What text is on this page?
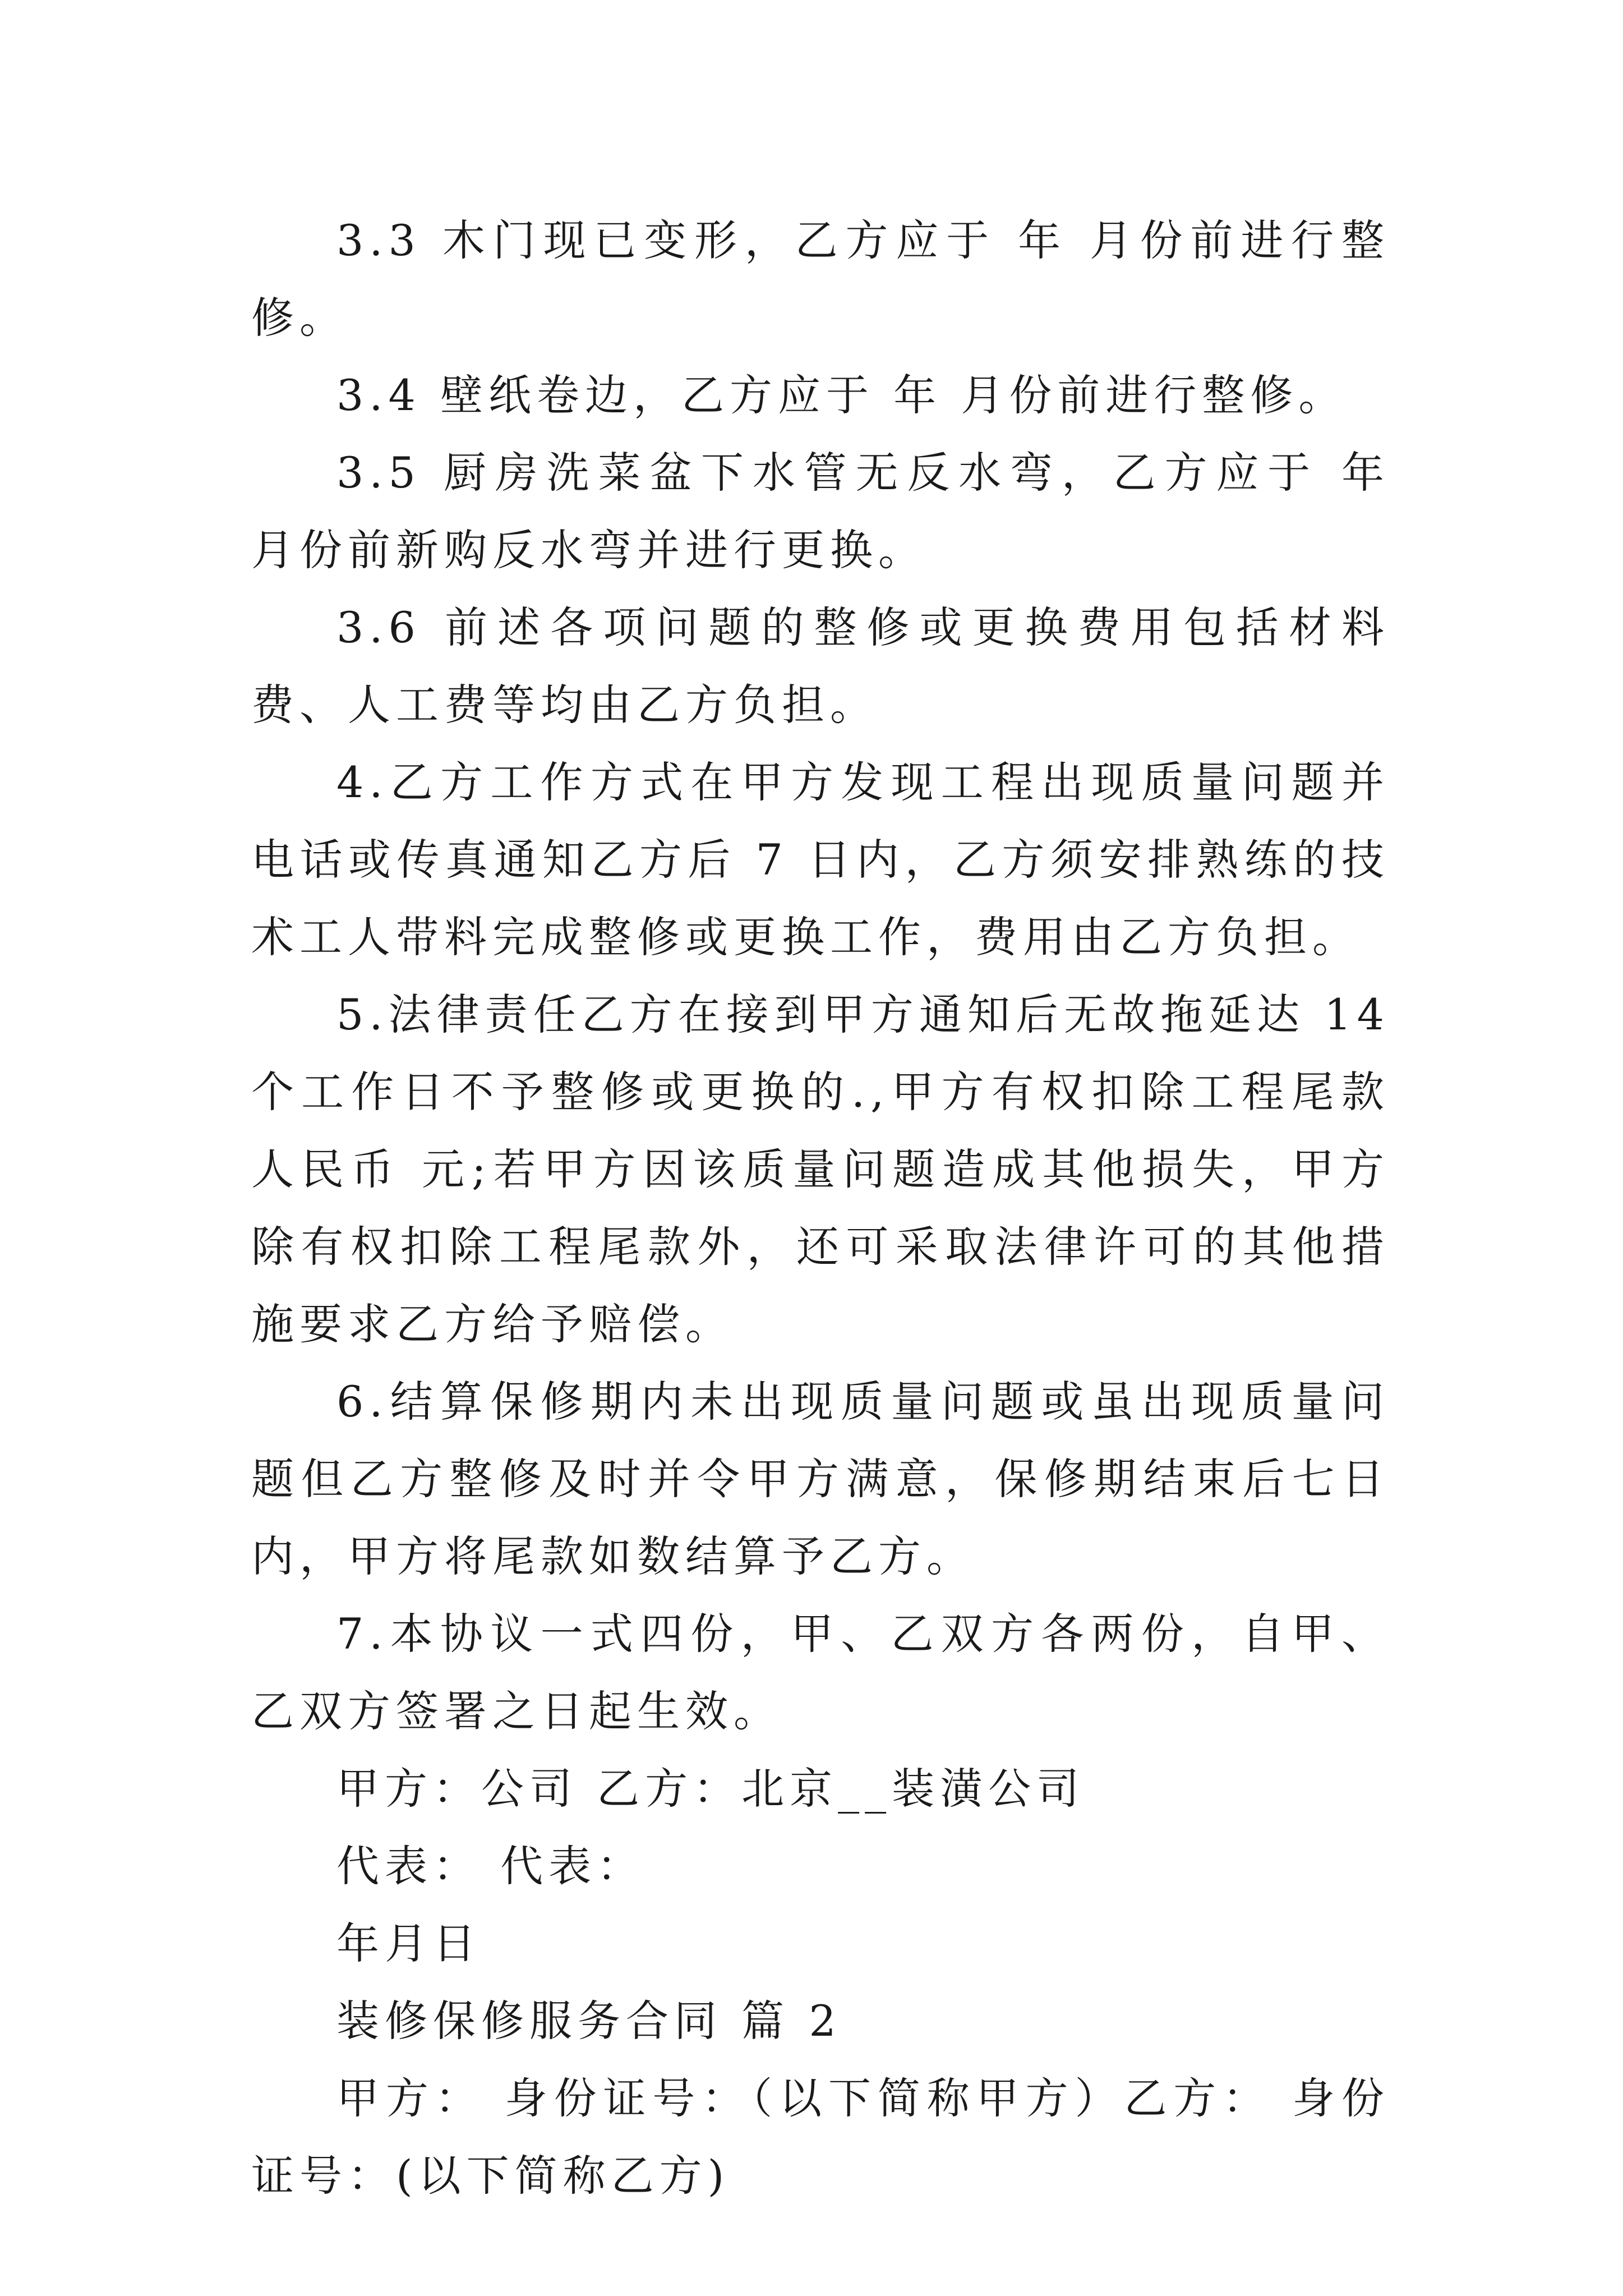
3.3 木门现已变形，乙方应于 年 月份前进行整修。

3.4 壁纸卷边，乙方应于 年 月份前进行整修。

3.5 厨房洗菜盆下水管无反水弯，乙方应于 年 月份前新购反水弯并进行更换。

3.6 前述各项问题的整修或更换费用包括材料费、人工费等均由乙方负担。

4.乙方工作方式在甲方发现工程出现质量问题并电话或传真通知乙方后 7 日内，乙方须安排熟练的技术工人带料完成整修或更换工作，费用由乙方负担。

5.法律责任乙方在接到甲方通知后无故拖延达 14 个工作日不予整修或更换的.,甲方有权扣除工程尾款人民币 元;若甲方因该质量问题造成其他损失，甲方除有权扣除工程尾款外，还可采取法律许可的其他措施要求乙方给予赔偿。

6.结算保修期内未出现质量问题或虽出现质量问题但乙方整修及时并令甲方满意，保修期结束后七日内，甲方将尾款如数结算予乙方。

7.本协议一式四份，甲、乙双方各两份，自甲、乙双方签署之日起生效。

甲方：公司 乙方：北京__装潢公司

代表： 代表：

年月日

装修保修服务合同 篇 2

甲方： 身份证号：（以下简称甲方）乙方： 身份证号：(以下简称乙方)
